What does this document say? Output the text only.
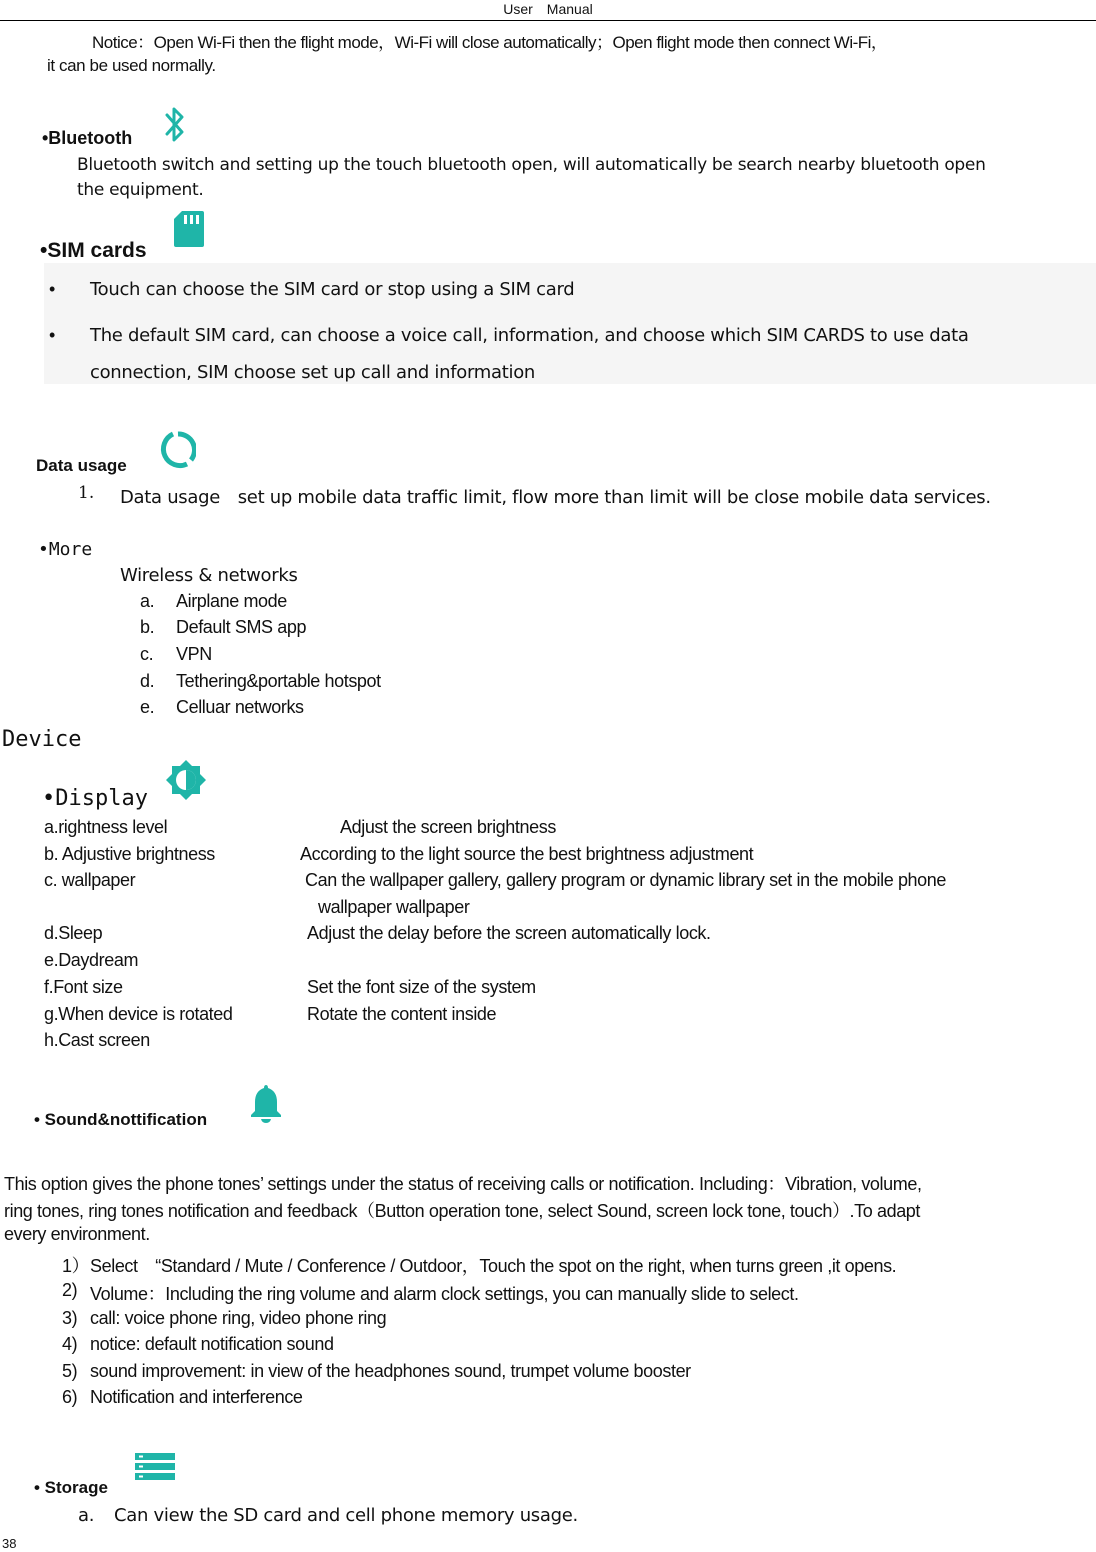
User　Manual
Notice：Open Wi-Fi then the flight mode，Wi-Fi will close automatically；Open flight mode then connect Wi-Fi，
it can be used normally.
•Bluetooth
Bluetooth switch and setting up the touch bluetooth open, will automatically be search nearby bluetooth open
the equipment.
•SIM cards
• Touch can choose the SIM card or stop using a SIM card
• The default SIM card, can choose a voice call, information, and choose which SIM CARDS to use data
connection, SIM choose set up call and information
Data usage
1. Data usage　set up mobile data traffic limit, flow more than limit will be close mobile data services.
•More
Wireless & networks
a. Airplane mode
b. Default SMS app
c. VPN
d. Tethering&portable hotspot
e. Celluar networks
Device
•Display
a.rightness level	Adjust the screen brightness
b. Adjustive brightness	According to the light source the best brightness adjustment
c. wallpaper	Can the wallpaper gallery, gallery program or dynamic library set in the mobile phone
wallpaper wallpaper
d.Sleep	Adjust the delay before the screen automatically lock.
e.Daydream
f.Font size	Set the font size of the system
g.When device is rotated	Rotate the content inside
h.Cast screen
• Sound&nottification
This option gives the phone tones’ settings under the status of receiving calls or notification. Including：Vibration, volume,
ring tones, ring tones notification and feedback（Button operation tone, select Sound, screen lock tone, touch）.To adapt
every environment.
1） Select　“Standard / Mute / Conference / Outdoor，Touch the spot on the right, when turns green ,it opens.
2) Volume：Including the ring volume and alarm clock settings, you can manually slide to select.
3) call: voice phone ring, video phone ring
4) notice: default notification sound
5) sound improvement: in view of the headphones sound, trumpet volume booster
6) Notification and interference
• Storage
a. Can view the SD card and cell phone memory usage.
38
